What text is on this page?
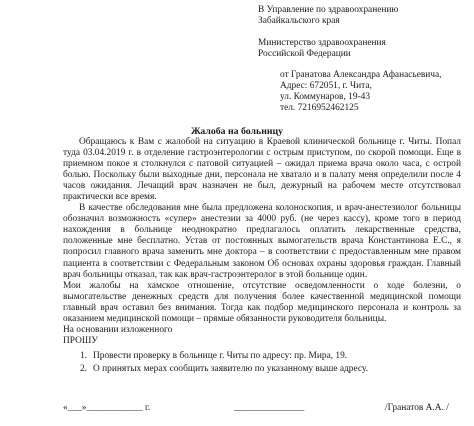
В Управление по здравоохранению
Забайкальского края
Министерство здравоохранения
Российской Федерации
от Гранатова Александра Афанасьевича,
Адрес: 672051, г. Чита,
ул. Коммунаров, 19-43
тел. 7216952462125
Жалоба на больницу

Обращаюсь к Вам с жалобой на ситуацию в Краевой клинической больнице г. Читы. Попал туда 03.04.2019 г. в отделение гастроэнтерологии с острым приступом, по скорой помощи. Еще в приемном покое я столкнулся с патовой ситуацией – ожидал приема врача около часа, с острой болью. Поскольку были выходные дни, персонала не хватало и в палату меня определили после 4 часов ожидания. Лечащий врач назначен не был, дежурный на рабочем месте отсутствовал практически все время.

В качестве обследования мне была предложена колоноскопия, и врач-анестезиолог больницы обозначил возможность «супер» анестезии за 4000 руб. (не через кассу), кроме того в период нахождения в больнице неоднократно предлагалось оплатить лекарственные средства, положенные мне бесплатно. Устав от постоянных вымогательств врача Константинова Е.С., я попросил главного врача заменить мне доктора – в соответствии с предоставленным мне правом пациента в соответствии с Федеральным законом Об основах охраны здоровья граждан. Главный врач больницы отказал, так как врач-гастроэнтеролог в этой больнице один.

Мои жалобы на хамское отношение, отсутствие осведомленности о ходе болезни, о вымогательстве денежных средств для получения более качественной медицинской помощи главный врач оставил без внимания. Тогда как подбор медицинского персонала и контроль за оказанием медицинской помощи – прямые обязанности руководителя больницы.

На основании изложенного

ПРОШУ

1. Провести проверку в больнице г. Читы по адресу: пр. Мира, 19.
2. О принятых мерах сообщить заявителю по указанному выше адресу.
«___»____________ г.	_______________	/Гранатов А.А. /
